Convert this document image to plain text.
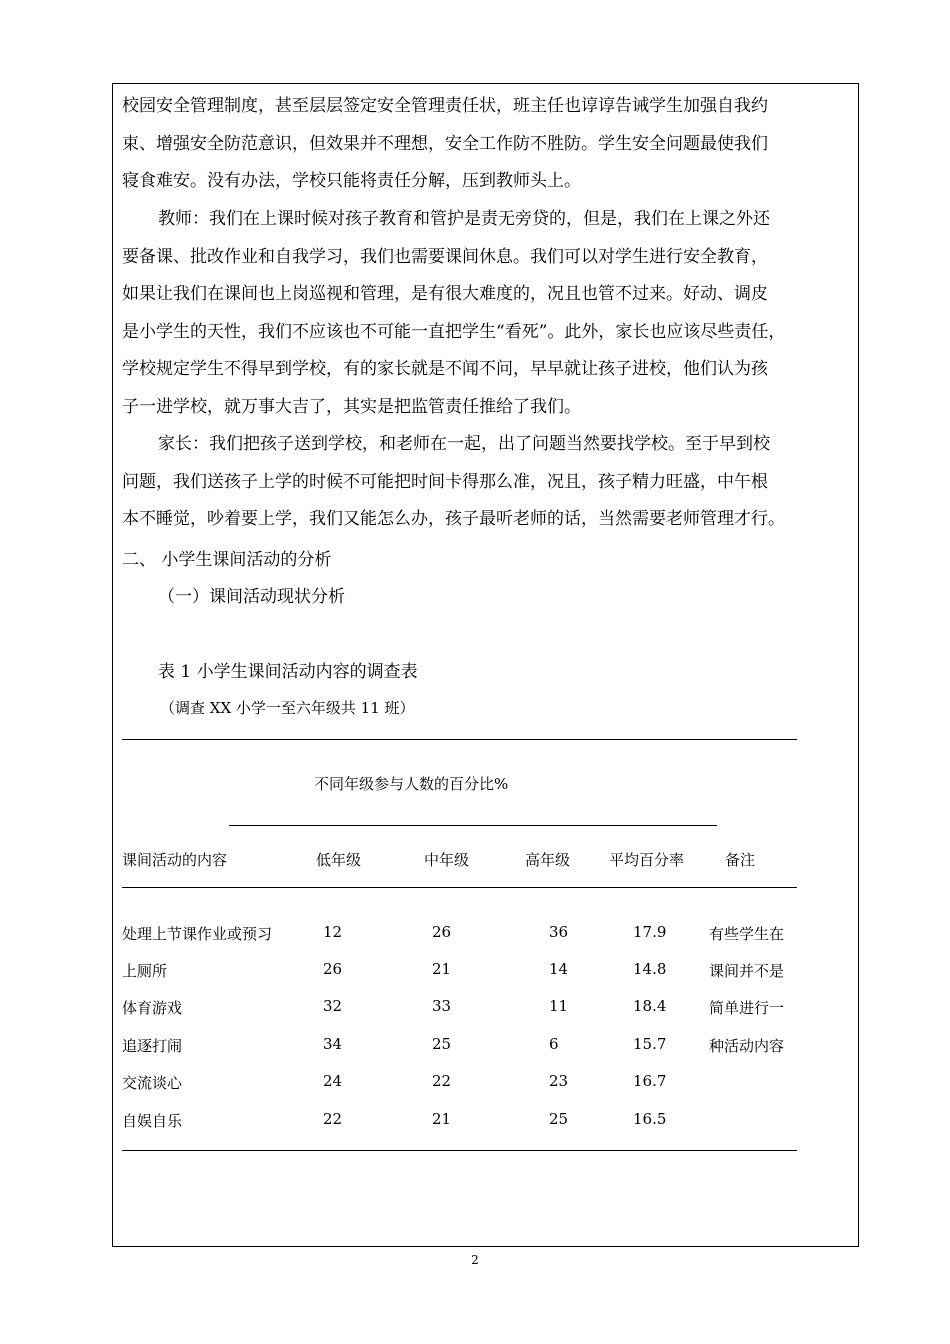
校园安全管理制度，甚至层层签定安全管理责任状，班主任也谆谆告诫学生加强自我约
束、增强安全防范意识，但效果并不理想，安全工作防不胜防。学生安全问题最使我们
寝食难安。没有办法，学校只能将责任分解，压到教师头上。
教师：我们在上课时候对孩子教育和管护是责无旁贷的，但是，我们在上课之外还
要备课、批改作业和自我学习，我们也需要课间休息。我们可以对学生进行安全教育，
如果让我们在课间也上岗巡视和管理，是有很大难度的，况且也管不过来。好动、调皮
是小学生的天性，我们不应该也不可能一直把学生“看死”。此外，家长也应该尽些责任，
学校规定学生不得早到学校，有的家长就是不闻不问，早早就让孩子进校，他们认为孩
子一进学校，就万事大吉了，其实是把监管责任推给了我们。
家长：我们把孩子送到学校，和老师在一起，出了问题当然要找学校。至于早到校
问题，我们送孩子上学的时候不可能把时间卡得那么准，况且，孩子精力旺盛，中午根
本不睡觉，吵着要上学，我们又能怎么办，孩子最听老师的话，当然需要老师管理才行。
二、 小学生课间活动的分析
（一）课间活动现状分析
表 1 小学生课间活动内容的调查表
（调查 XX 小学一至六年级共 11 班）
不同年级参与人数的百分比%
课间活动的内容	低年级	中年级	高年级	平均百分率	备注
处理上节课作业或预习	12	26	36	17.9	有些学生在
上厕所	26	21	14	14.8	课间并不是
体育游戏	32	33	11	18.4	简单进行一
追逐打闹	34	25	6	15.7	种活动内容
交流谈心	24	22	23	16.7
自娱自乐	22	21	25	16.5
2
